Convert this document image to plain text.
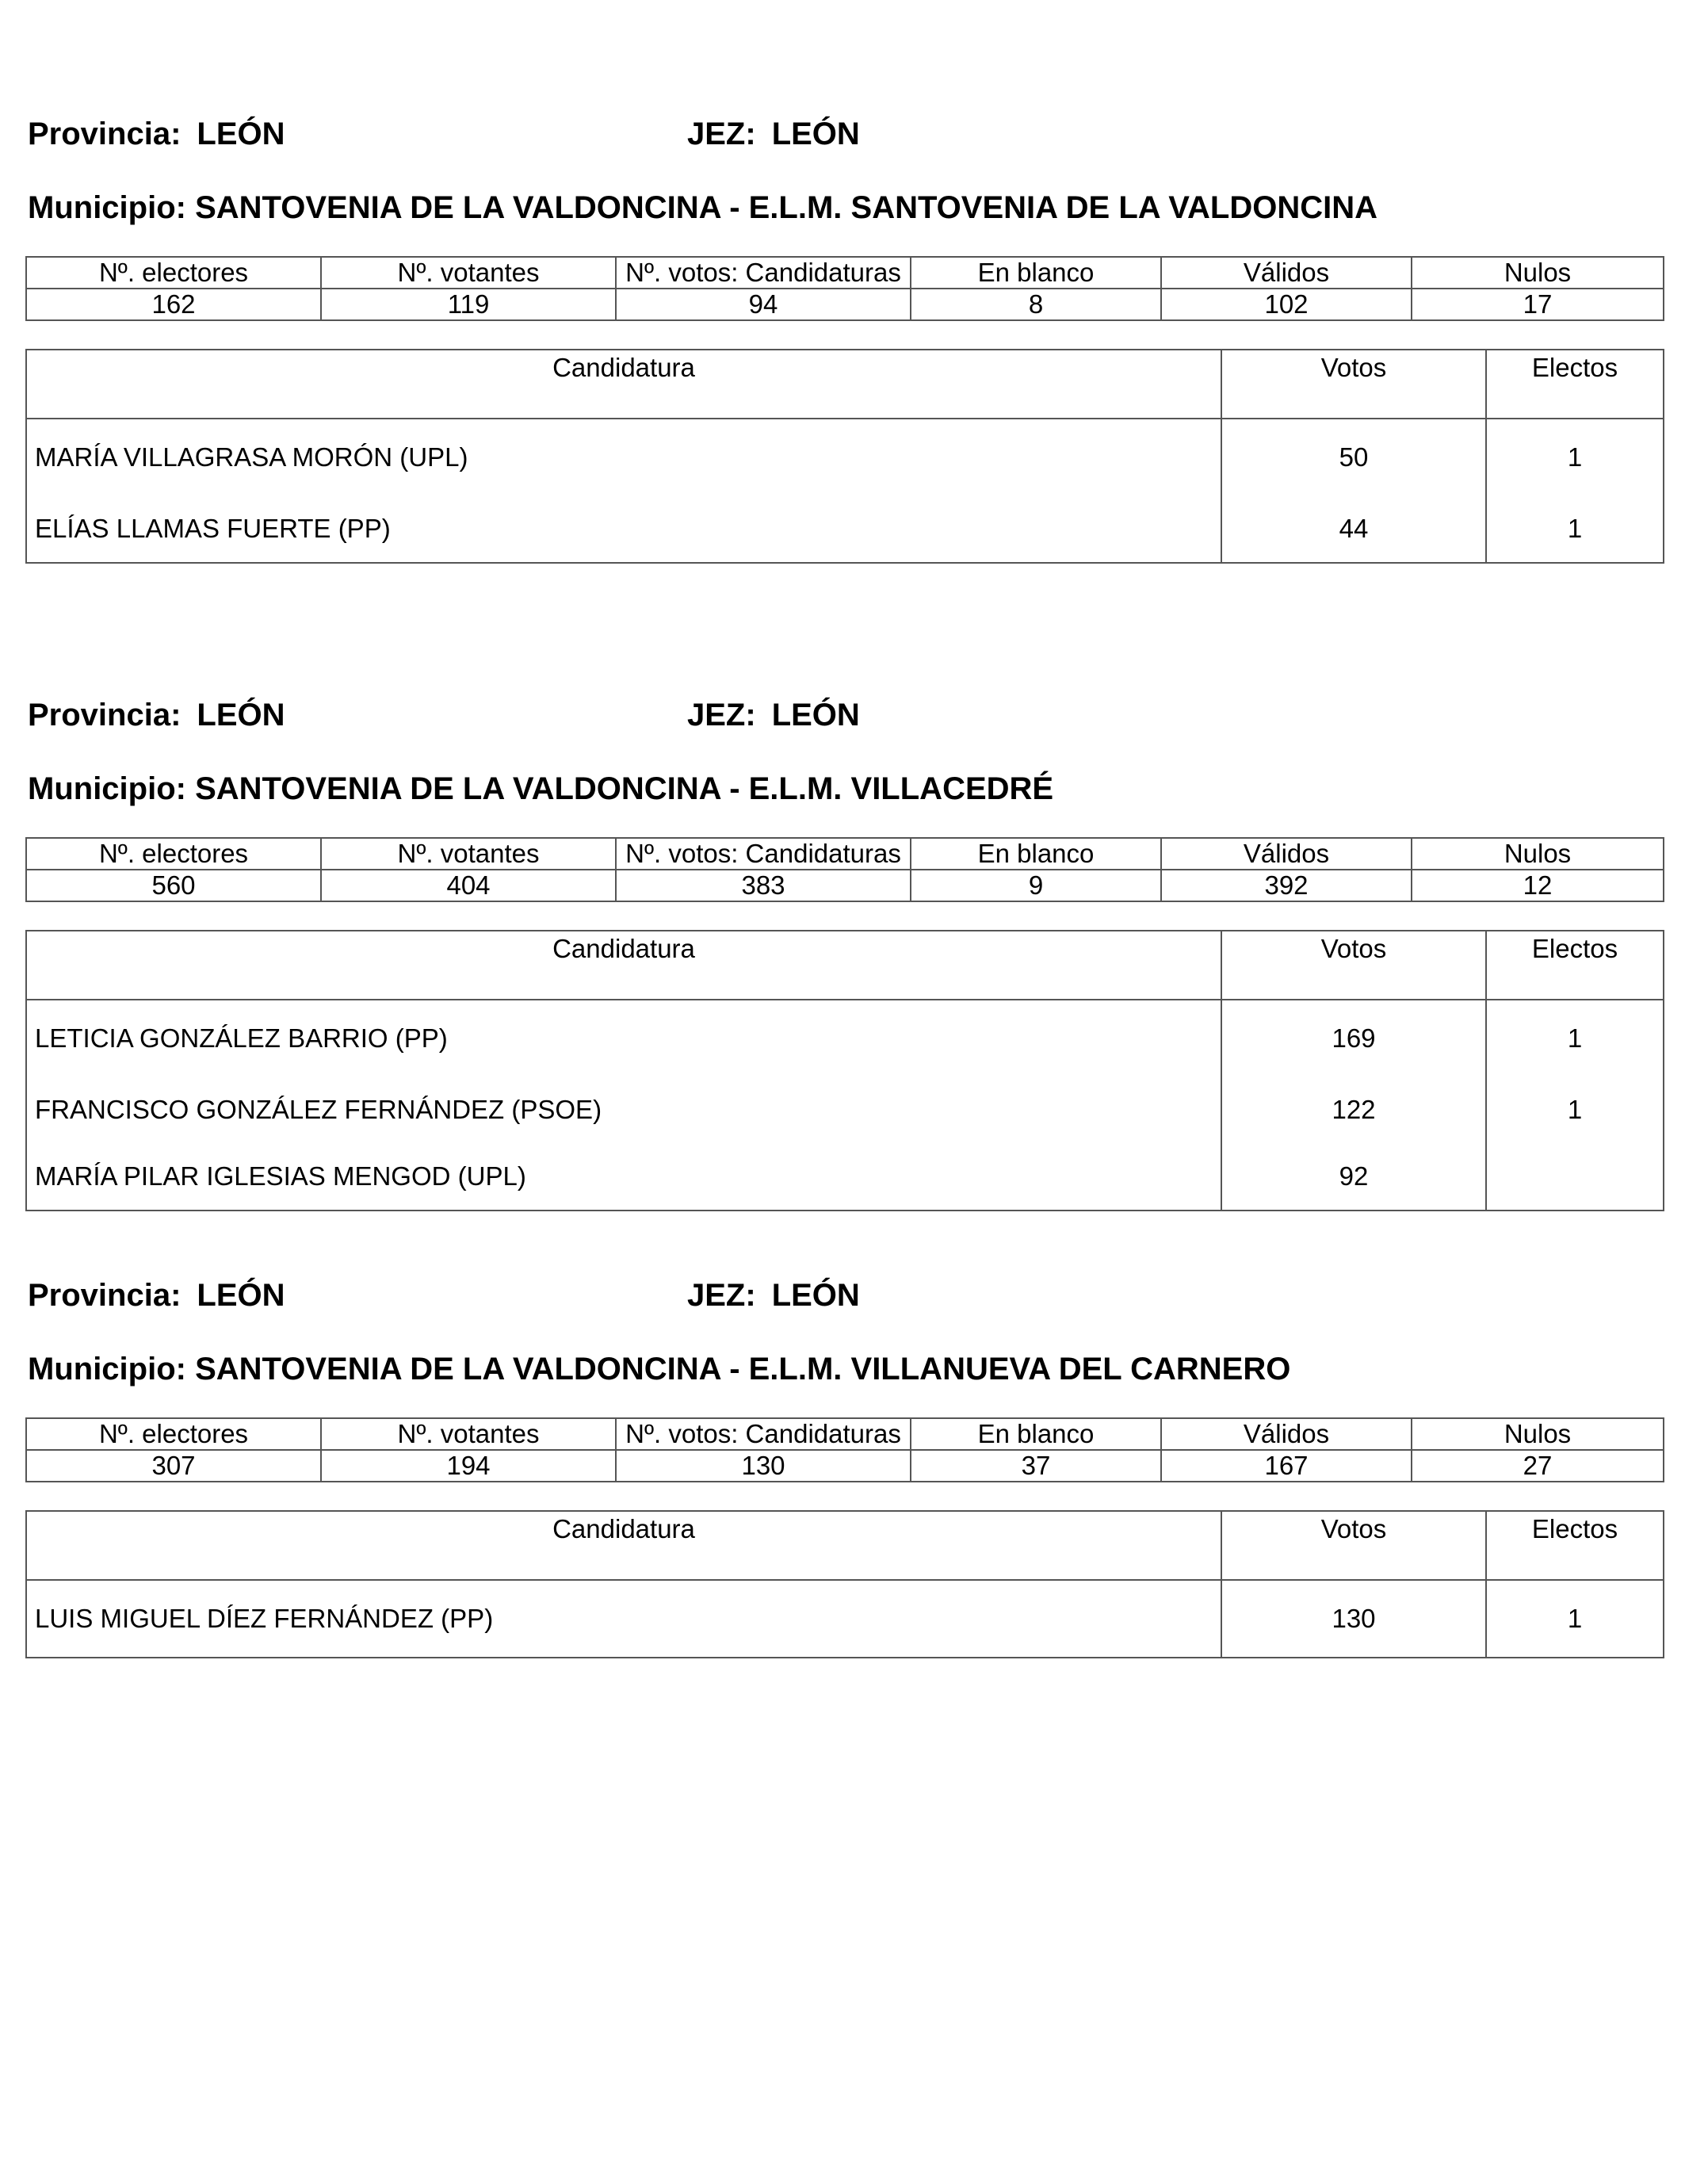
Provincia: LEÓN	JEZ: LEÓN
Municipio: SANTOVENIA DE LA VALDONCINA - E.L.M. SANTOVENIA DE LA VALDONCINA
Nº. electores	Nº. votantes	Nº. votos: Candidaturas	En blanco	Válidos	Nulos
162	119	94	8	102	17
Candidatura	Votos	Electos
MARÍA VILLAGRASA MORÓN (UPL)	50	1
ELÍAS LLAMAS FUERTE (PP)	44	1
Provincia: LEÓN	JEZ: LEÓN
Municipio: SANTOVENIA DE LA VALDONCINA - E.L.M. VILLACEDRÉ
Nº. electores	Nº. votantes	Nº. votos: Candidaturas	En blanco	Válidos	Nulos
560	404	383	9	392	12
Candidatura	Votos	Electos
LETICIA GONZÁLEZ BARRIO (PP)	169	1
FRANCISCO GONZÁLEZ FERNÁNDEZ (PSOE)	122	1
MARÍA PILAR IGLESIAS MENGOD (UPL)	92	
Provincia: LEÓN	JEZ: LEÓN
Municipio: SANTOVENIA DE LA VALDONCINA - E.L.M. VILLANUEVA DEL CARNERO
Nº. electores	Nº. votantes	Nº. votos: Candidaturas	En blanco	Válidos	Nulos
307	194	130	37	167	27
Candidatura	Votos	Electos
LUIS MIGUEL DÍEZ FERNÁNDEZ (PP)	130	1
